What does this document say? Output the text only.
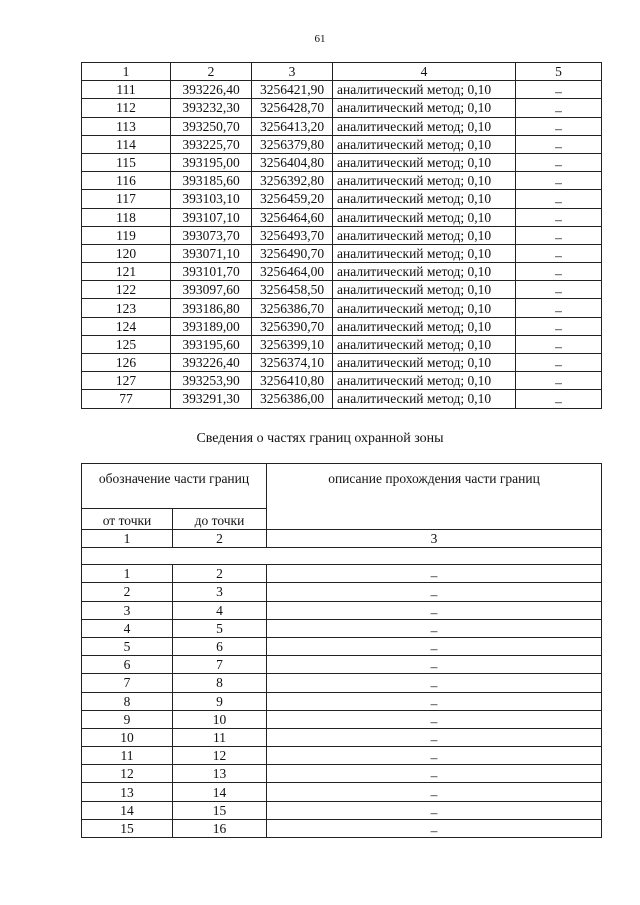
61
1	2	3	4	5
111	393226,40	3256421,90	аналитический метод; 0,10	–
112	393232,30	3256428,70	аналитический метод; 0,10	–
113	393250,70	3256413,20	аналитический метод; 0,10	–
114	393225,70	3256379,80	аналитический метод; 0,10	–
115	393195,00	3256404,80	аналитический метод; 0,10	–
116	393185,60	3256392,80	аналитический метод; 0,10	–
117	393103,10	3256459,20	аналитический метод; 0,10	–
118	393107,10	3256464,60	аналитический метод; 0,10	–
119	393073,70	3256493,70	аналитический метод; 0,10	–
120	393071,10	3256490,70	аналитический метод; 0,10	–
121	393101,70	3256464,00	аналитический метод; 0,10	–
122	393097,60	3256458,50	аналитический метод; 0,10	–
123	393186,80	3256386,70	аналитический метод; 0,10	–
124	393189,00	3256390,70	аналитический метод; 0,10	–
125	393195,60	3256399,10	аналитический метод; 0,10	–
126	393226,40	3256374,10	аналитический метод; 0,10	–
127	393253,90	3256410,80	аналитический метод; 0,10	–
77	393291,30	3256386,00	аналитический метод; 0,10	–
Сведения о частях границ охранной зоны
обозначение части границ		описание прохождения части границ
от точки	до точки	
1	2	3

1	2	–
2	3	–
3	4	–
4	5	–
5	6	–
6	7	–
7	8	–
8	9	–
9	10	–
10	11	–
11	12	–
12	13	–
13	14	–
14	15	–
15	16	–
